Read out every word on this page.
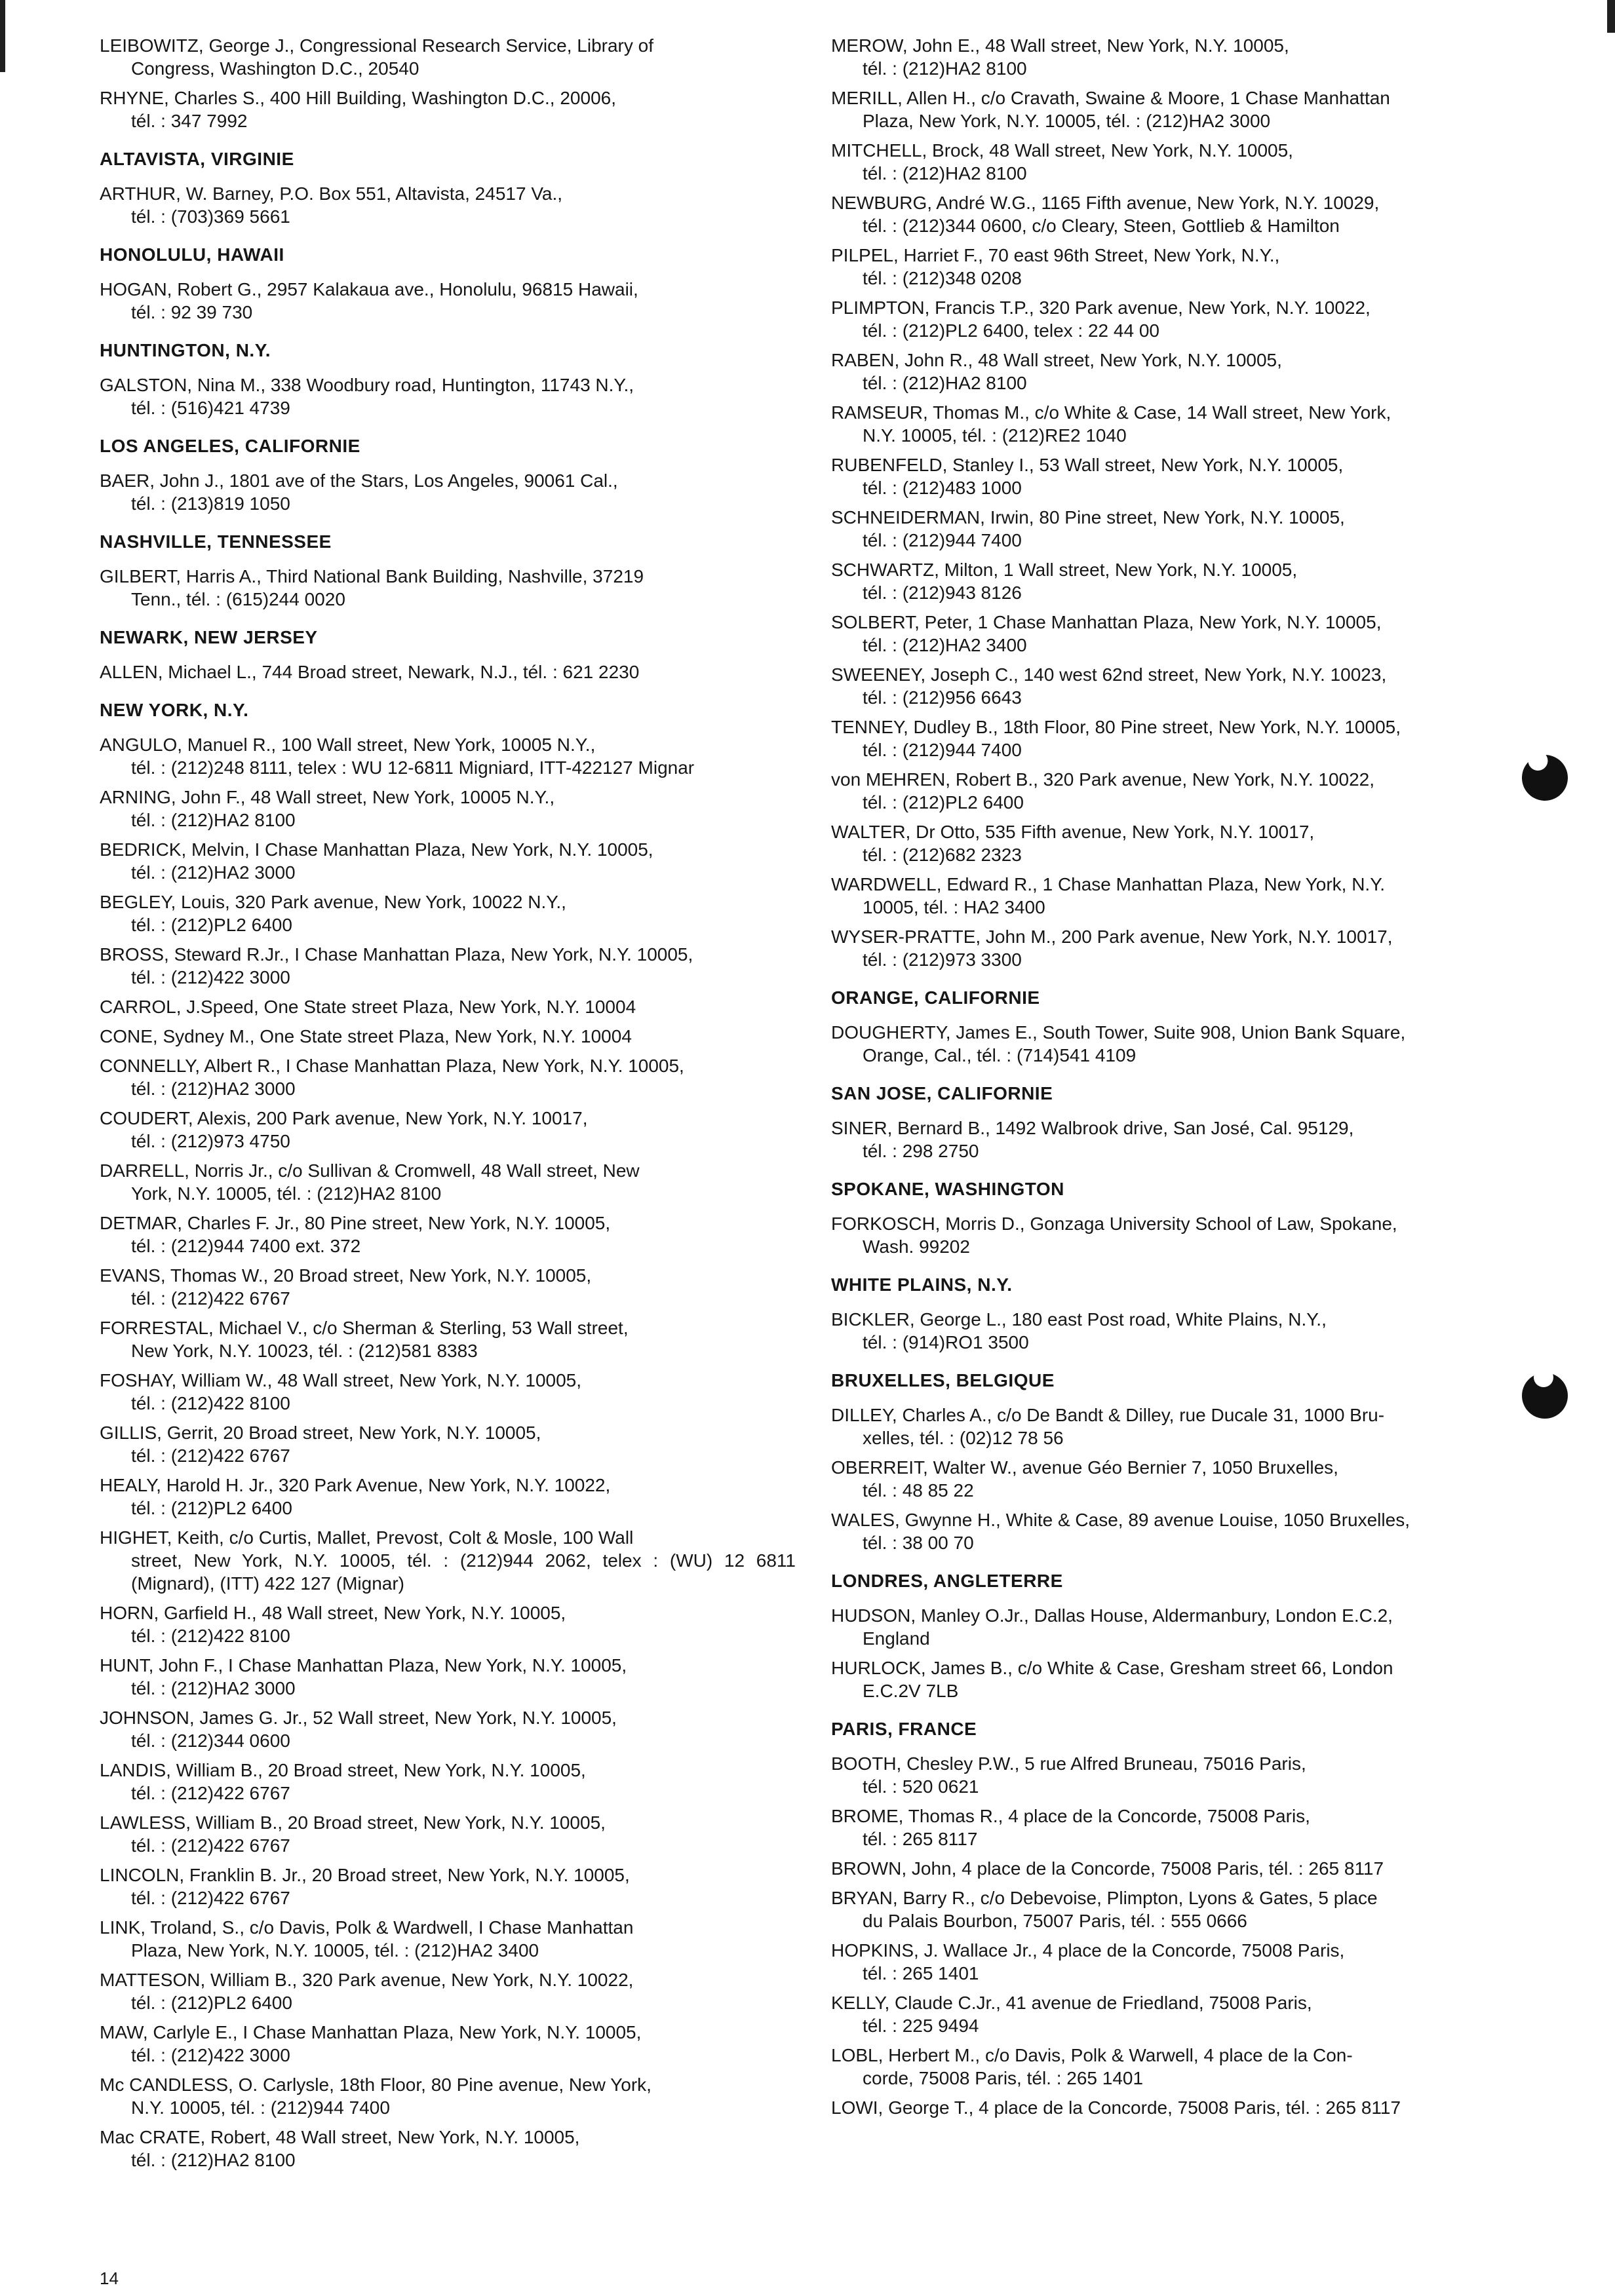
LEIBOWITZ, George J., Congressional Research Service, Library of
Congress, Washington D.C., 20540
RHYNE, Charles S., 400 Hill Building, Washington D.C., 20006,
tél. : 347 7992
ALTAVISTA, VIRGINIE
ARTHUR, W. Barney, P.O. Box 551, Altavista, 24517 Va.,
tél. : (703)369 5661
HONOLULU, HAWAII
HOGAN, Robert G., 2957 Kalakaua ave., Honolulu, 96815 Hawaii,
tél. : 92 39 730
HUNTINGTON, N.Y.
GALSTON, Nina M., 338 Woodbury road, Huntington, 11743 N.Y.,
tél. : (516)421 4739
LOS ANGELES, CALIFORNIE
BAER, John J., 1801 ave of the Stars, Los Angeles, 90061 Cal.,
tél. : (213)819 1050
NASHVILLE, TENNESSEE
GILBERT, Harris A., Third National Bank Building, Nashville, 37219
Tenn., tél. : (615)244 0020
NEWARK, NEW JERSEY
ALLEN, Michael L., 744 Broad street, Newark, N.J., tél. : 621 2230
NEW YORK, N.Y.
ANGULO, Manuel R., 100 Wall street, New York, 10005 N.Y.,
tél. : (212)248 8111, telex : WU 12-6811 Migniard, ITT-422127 Mignar
ARNING, John F., 48 Wall street, New York, 10005 N.Y.,
tél. : (212)HA2 8100
BEDRICK, Melvin, I Chase Manhattan Plaza, New York, N.Y. 10005,
tél. : (212)HA2 3000
BEGLEY, Louis, 320 Park avenue, New York, 10022 N.Y.,
tél. : (212)PL2 6400
BROSS, Steward R.Jr., I Chase Manhattan Plaza, New York, N.Y. 10005,
tél. : (212)422 3000
CARROL, J.Speed, One State street Plaza, New York, N.Y. 10004
CONE, Sydney M., One State street Plaza, New York, N.Y. 10004
CONNELLY, Albert R., I Chase Manhattan Plaza, New York, N.Y. 10005,
tél. : (212)HA2 3000
COUDERT, Alexis, 200 Park avenue, New York, N.Y. 10017,
tél. : (212)973 4750
DARRELL, Norris Jr., c/o Sullivan & Cromwell, 48 Wall street, New
York, N.Y. 10005, tél. : (212)HA2 8100
DETMAR, Charles F. Jr., 80 Pine street, New York, N.Y. 10005,
tél. : (212)944 7400 ext. 372
EVANS, Thomas W., 20 Broad street, New York, N.Y. 10005,
tél. : (212)422 6767
FORRESTAL, Michael V., c/o Sherman & Sterling, 53 Wall street,
New York, N.Y. 10023, tél. : (212)581 8383
FOSHAY, William W., 48 Wall street, New York, N.Y. 10005,
tél. : (212)422 8100
GILLIS, Gerrit, 20 Broad street, New York, N.Y. 10005,
tél. : (212)422 6767
HEALY, Harold H. Jr., 320 Park Avenue, New York, N.Y. 10022,
tél. : (212)PL2 6400
HIGHET, Keith, c/o Curtis, Mallet, Prevost, Colt & Mosle, 100 Wall
street, New York, N.Y. 10005, tél. : (212)944 2062, telex : (WU) 12 6811 (Mignard), (ITT) 422 127 (Mignar)
HORN, Garfield H., 48 Wall street, New York, N.Y. 10005,
tél. : (212)422 8100
HUNT, John F., I Chase Manhattan Plaza, New York, N.Y. 10005,
tél. : (212)HA2 3000
JOHNSON, James G. Jr., 52 Wall street, New York, N.Y. 10005,
tél. : (212)344 0600
LANDIS, William B., 20 Broad street, New York, N.Y. 10005,
tél. : (212)422 6767
LAWLESS, William B., 20 Broad street, New York, N.Y. 10005,
tél. : (212)422 6767
LINCOLN, Franklin B. Jr., 20 Broad street, New York, N.Y. 10005,
tél. : (212)422 6767
LINK, Troland, S., c/o Davis, Polk & Wardwell, I Chase Manhattan
Plaza, New York, N.Y. 10005, tél. : (212)HA2 3400
MATTESON, William B., 320 Park avenue, New York, N.Y. 10022,
tél. : (212)PL2 6400
MAW, Carlyle E., I Chase Manhattan Plaza, New York, N.Y. 10005,
tél. : (212)422 3000
Mc CANDLESS, O. Carlysle, 18th Floor, 80 Pine avenue, New York,
N.Y. 10005, tél. : (212)944 7400
Mac CRATE, Robert, 48 Wall street, New York, N.Y. 10005,
tél. : (212)HA2 8100
MEROW, John E., 48 Wall street, New York, N.Y. 10005,
tél. : (212)HA2 8100
MERILL, Allen H., c/o Cravath, Swaine & Moore, 1 Chase Manhattan
Plaza, New York, N.Y. 10005, tél. : (212)HA2 3000
MITCHELL, Brock, 48 Wall street, New York, N.Y. 10005,
tél. : (212)HA2 8100
NEWBURG, André W.G., 1165 Fifth avenue, New York, N.Y. 10029,
tél. : (212)344 0600, c/o Cleary, Steen, Gottlieb & Hamilton
PILPEL, Harriet F., 70 east 96th Street, New York, N.Y.,
tél. : (212)348 0208
PLIMPTON, Francis T.P., 320 Park avenue, New York, N.Y. 10022,
tél. : (212)PL2 6400, telex : 22 44 00
RABEN, John R., 48 Wall street, New York, N.Y. 10005,
tél. : (212)HA2 8100
RAMSEUR, Thomas M., c/o White & Case, 14 Wall street, New York,
N.Y. 10005, tél. : (212)RE2 1040
RUBENFELD, Stanley I., 53 Wall street, New York, N.Y. 10005,
tél. : (212)483 1000
SCHNEIDERMAN, Irwin, 80 Pine street, New York, N.Y. 10005,
tél. : (212)944 7400
SCHWARTZ, Milton, 1 Wall street, New York, N.Y. 10005,
tél. : (212)943 8126
SOLBERT, Peter, 1 Chase Manhattan Plaza, New York, N.Y. 10005,
tél. : (212)HA2 3400
SWEENEY, Joseph C., 140 west 62nd street, New York, N.Y. 10023,
tél. : (212)956 6643
TENNEY, Dudley B., 18th Floor, 80 Pine street, New York, N.Y. 10005,
tél. : (212)944 7400
von MEHREN, Robert B., 320 Park avenue, New York, N.Y. 10022,
tél. : (212)PL2 6400
WALTER, Dr Otto, 535 Fifth avenue, New York, N.Y. 10017,
tél. : (212)682 2323
WARDWELL, Edward R., 1 Chase Manhattan Plaza, New York, N.Y.
10005, tél. : HA2 3400
WYSER-PRATTE, John M., 200 Park avenue, New York, N.Y. 10017,
tél. : (212)973 3300
ORANGE, CALIFORNIE
DOUGHERTY, James E., South Tower, Suite 908, Union Bank Square,
Orange, Cal., tél. : (714)541 4109
SAN JOSE, CALIFORNIE
SINER, Bernard B., 1492 Walbrook drive, San José, Cal. 95129,
tél. : 298 2750
SPOKANE, WASHINGTON
FORKOSCH, Morris D., Gonzaga University School of Law, Spokane,
Wash. 99202
WHITE PLAINS, N.Y.
BICKLER, George L., 180 east Post road, White Plains, N.Y.,
tél. : (914)RO1 3500
BRUXELLES, BELGIQUE
DILLEY, Charles A., c/o De Bandt & Dilley, rue Ducale 31, 1000 Bru-
xelles, tél. : (02)12 78 56
OBERREIT, Walter W., avenue Géo Bernier 7, 1050 Bruxelles,
tél. : 48 85 22
WALES, Gwynne H., White & Case, 89 avenue Louise, 1050 Bruxelles,
tél. : 38 00 70
LONDRES, ANGLETERRE
HUDSON, Manley O.Jr., Dallas House, Aldermanbury, London E.C.2,
England
HURLOCK, James B., c/o White & Case, Gresham street 66, London
E.C.2V 7LB
PARIS, FRANCE
BOOTH, Chesley P.W., 5 rue Alfred Bruneau, 75016 Paris,
tél. : 520 0621
BROME, Thomas R., 4 place de la Concorde, 75008 Paris,
tél. : 265 8117
BROWN, John, 4 place de la Concorde, 75008 Paris, tél. : 265 8117
BRYAN, Barry R., c/o Debevoise, Plimpton, Lyons & Gates, 5 place
du Palais Bourbon, 75007 Paris, tél. : 555 0666
HOPKINS, J. Wallace Jr., 4 place de la Concorde, 75008 Paris,
tél. : 265 1401
KELLY, Claude C.Jr., 41 avenue de Friedland, 75008 Paris,
tél. : 225 9494
LOBL, Herbert M., c/o Davis, Polk & Warwell, 4 place de la Con-
corde, 75008 Paris, tél. : 265 1401
LOWI, George T., 4 place de la Concorde, 75008 Paris, tél. : 265 8117
14
